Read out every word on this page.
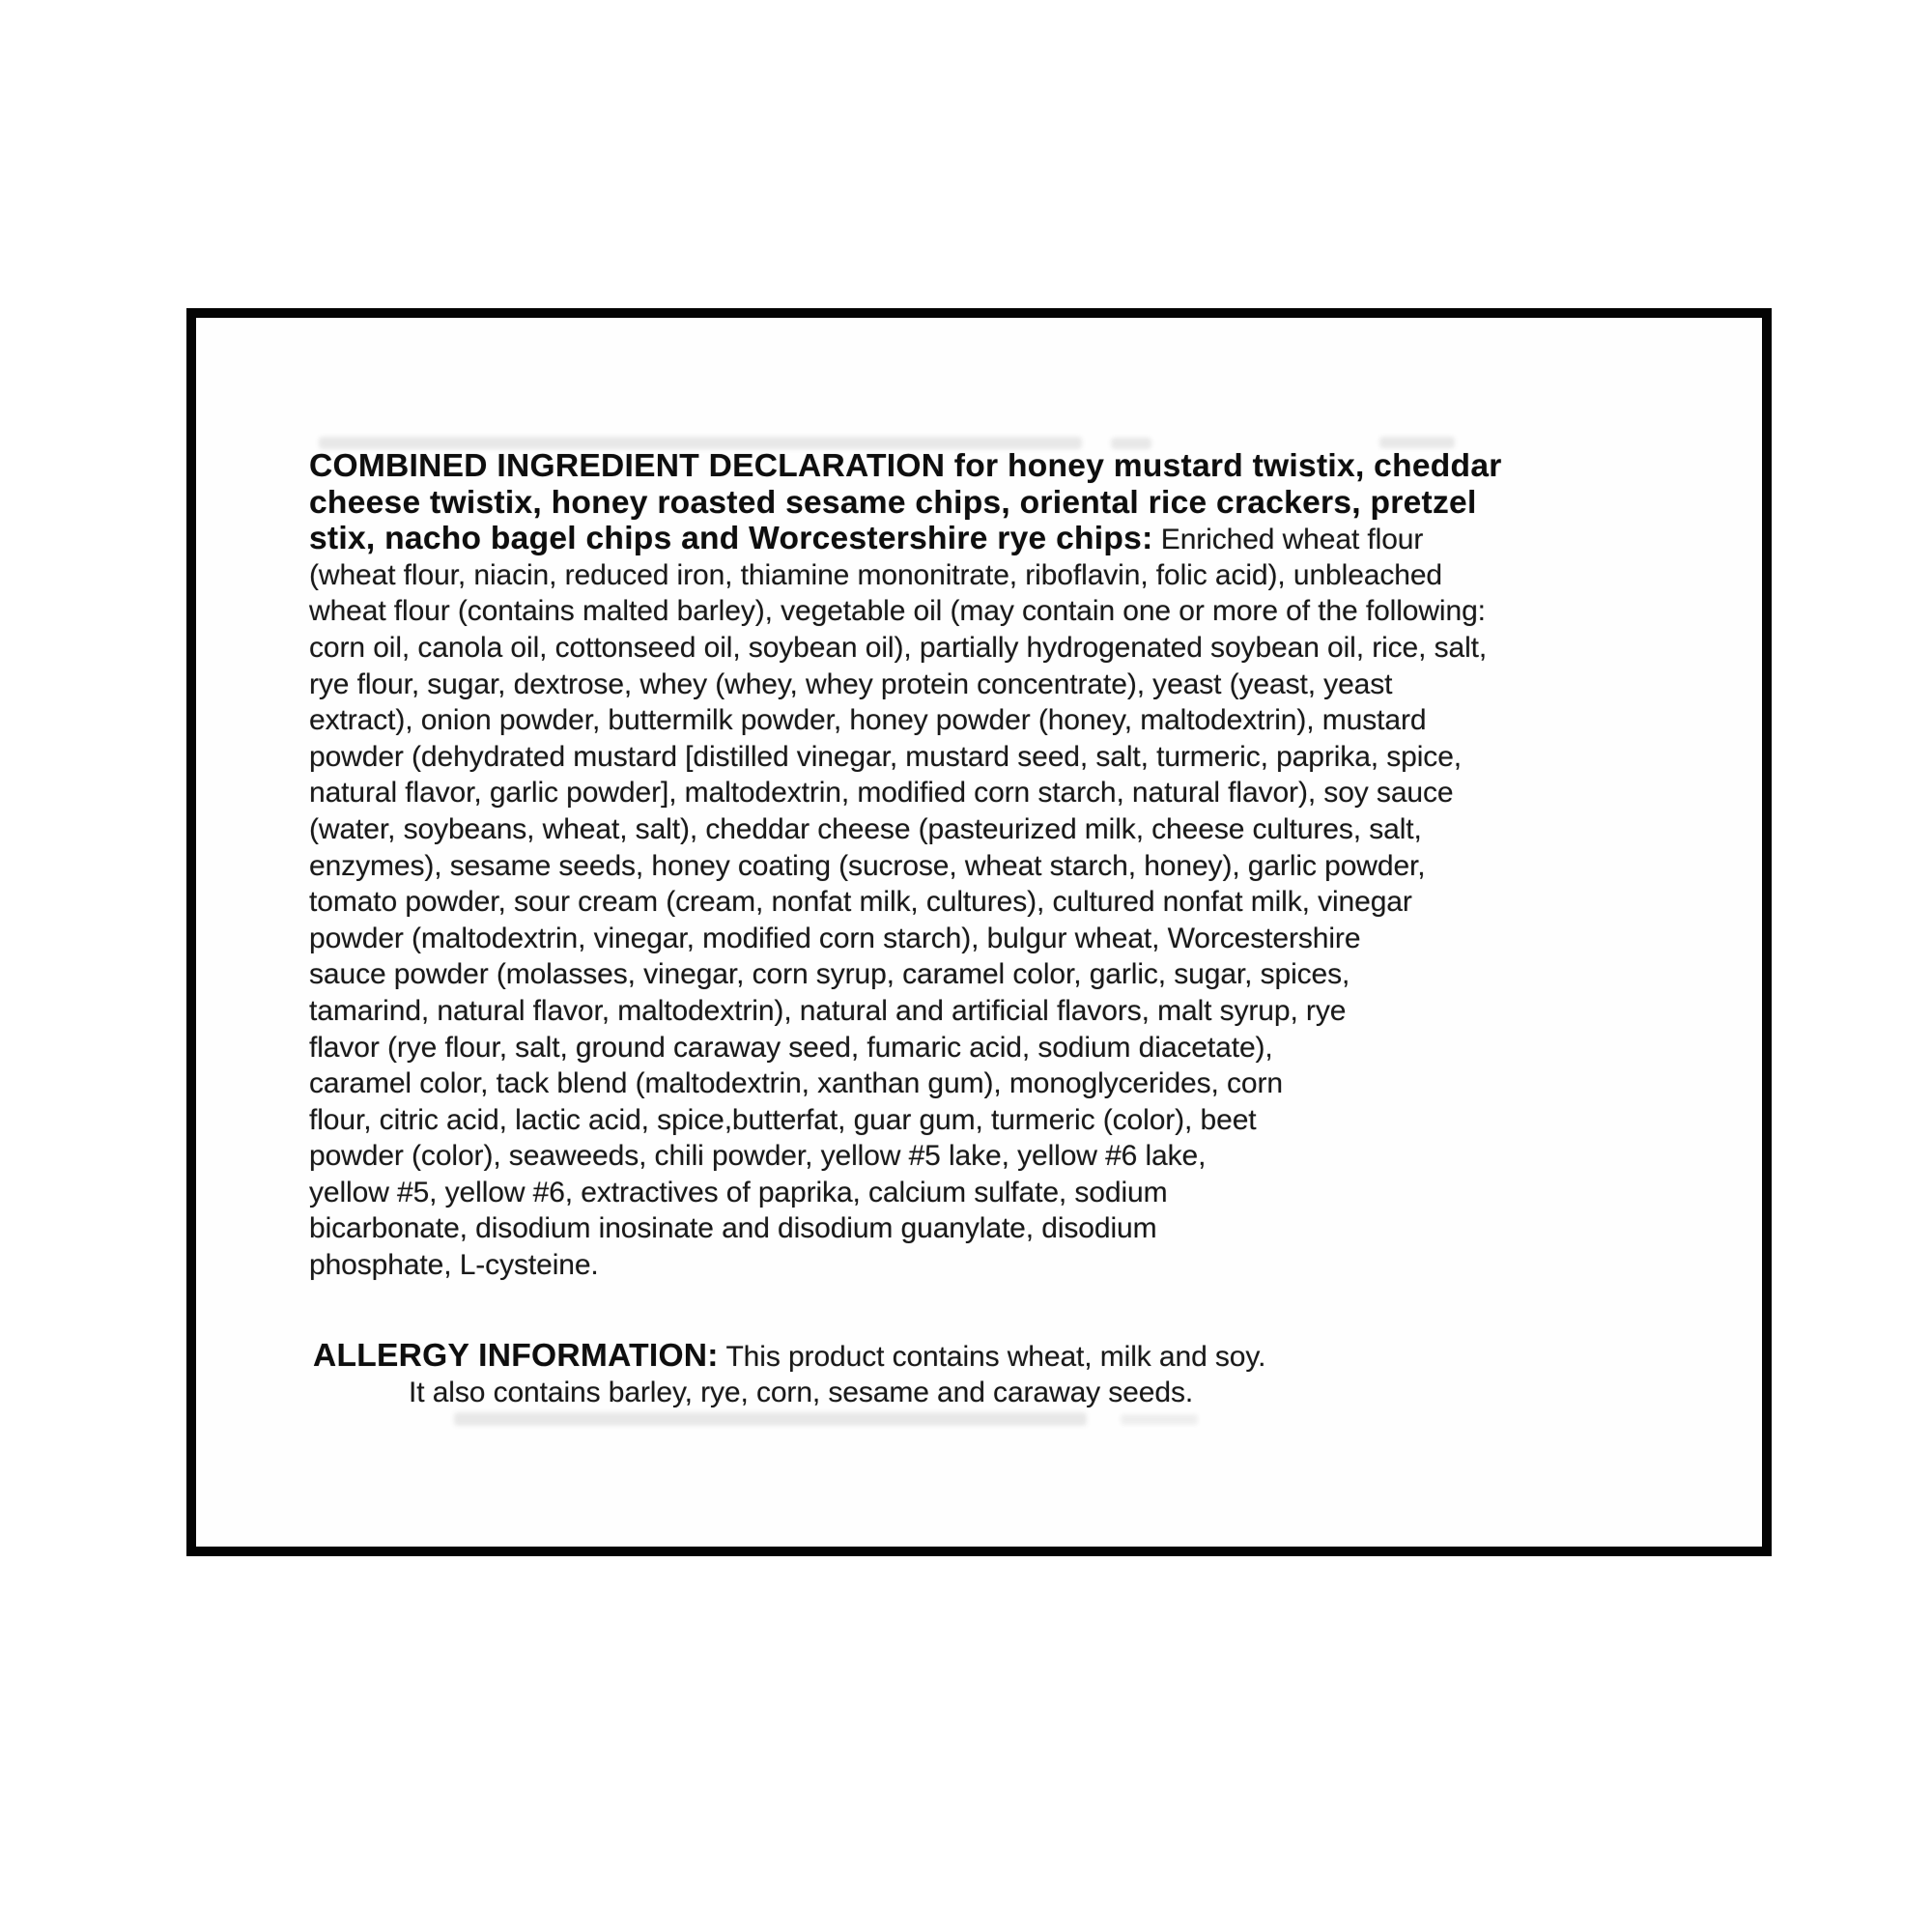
COMBINED INGREDIENT DECLARATION for honey mustard twistix, cheddar
cheese twistix, honey roasted sesame chips, oriental rice crackers, pretzel
stix, nacho bagel chips and Worcestershire rye chips: Enriched wheat flour
(wheat flour, niacin, reduced iron, thiamine mononitrate, riboflavin, folic acid), unbleached
wheat flour (contains malted barley), vegetable oil (may contain one or more of the following:
corn oil, canola oil, cottonseed oil, soybean oil), partially hydrogenated soybean oil, rice, salt,
rye flour, sugar, dextrose, whey (whey, whey protein concentrate), yeast (yeast, yeast
extract), onion powder, buttermilk powder, honey powder (honey, maltodextrin), mustard
powder (dehydrated mustard [distilled vinegar, mustard seed, salt, turmeric, paprika, spice,
natural flavor, garlic powder], maltodextrin, modified corn starch, natural flavor), soy sauce
(water, soybeans, wheat, salt), cheddar cheese (pasteurized milk, cheese cultures, salt,
enzymes), sesame seeds, honey coating (sucrose, wheat starch, honey), garlic powder,
tomato powder, sour cream (cream, nonfat milk, cultures), cultured nonfat milk, vinegar
powder (maltodextrin, vinegar, modified corn starch), bulgur wheat, Worcestershire
sauce powder (molasses, vinegar, corn syrup, caramel color, garlic, sugar, spices,
tamarind, natural flavor, maltodextrin), natural and artificial flavors, malt syrup, rye
flavor (rye flour, salt, ground caraway seed, fumaric acid, sodium diacetate),
caramel color, tack blend (maltodextrin, xanthan gum), monoglycerides, corn
flour, citric acid, lactic acid, spice,butterfat, guar gum, turmeric (color), beet
powder (color), seaweeds, chili powder, yellow #5 lake, yellow #6 lake,
yellow #5, yellow #6, extractives of paprika, calcium sulfate, sodium
bicarbonate, disodium inosinate and disodium guanylate, disodium
phosphate, L-cysteine.
ALLERGY INFORMATION: This product contains wheat, milk and soy.
It also contains barley, rye, corn, sesame and caraway seeds.
